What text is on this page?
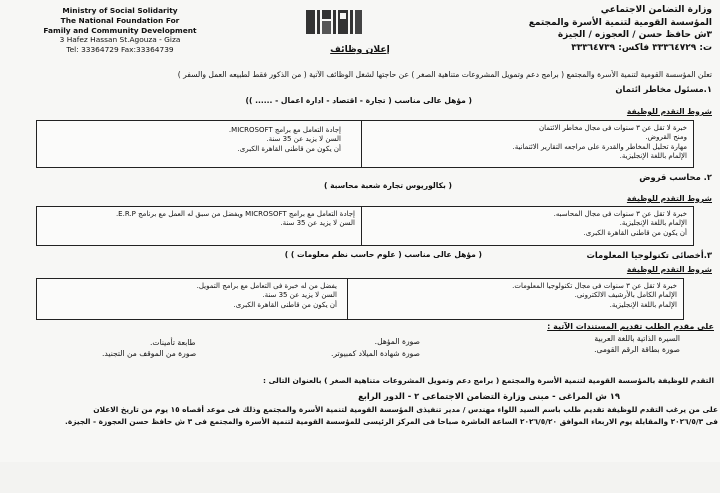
Ministry of Social Solidarity
The National Foundation For
Family and Community Development
3 Hafez Hassan St.Agouza - Giza
Tel: 33364729 Fax:33364739
وزارة التضامن الاجتماعي
المؤسسة القومية لتنمية الأسرة والمجتمع
٣ش حافظ حسن / العجوزه / الجيزة
ت: ٣٣٣٦٤٧٢٩ فاكس: ٣٣٣٦٤٧٣٩
إعلان وظائف
تعلن المؤسسة القومية لتنمية الأسرة والمجتمع ( برامج دعم وتمويل المشروعات متناهية الصغر ) عن حاجتها لشغل الوظائف الآتية ( من الذكور فقط لطبيعه العمل والسفر )
١.مسئول مخاطر ائتمان
( مؤهل عالى مناسب ( تجارة - اقتصاد - ادارة اعمال - ...... ))
شروط التقدم للوظيفة
خبرة لا تقل عن ٣ سنوات فى مجال مخاطر الائتمان
ومنح القروض.
مهارة تحليل المخاطر والقدرة على مراجعه التقارير الائتمانية.
الإلمام باللغة الإنجليزية.
إجادة التعامل مع برامج MICROSOFT.
السن لا يزيد عن 35 سنة.
أن يكون من قاطنى القاهرة الكبرى.
٢. محاسب قروض
( بكالوريوس تجارة شعبة محاسبة )
شروط التقدم للوظيفة
خبرة لا تقل عن ٣ سنوات فى مجال المحاسبه.
الإلمام باللغة الإنجليزية.
أن يكون من قاطنى القاهرة الكبرى.
إجادة التعامل مع برامج MICROSOFT ويفضل من سبق له العمل مع برنامج E.R.P.
السن لا يزيد عن 35 سنة.
٣.أخصائى تكنولوجيا المعلومات
( مؤهل عالى مناسب ( علوم حاسب نظم معلومات ) )
شروط التقدم للوظيفة
خبرة لا تقل عن ٣ سنوات فى مجال تكنولوجيا المعلومات.
الإلمام الكامل بالأرشيف الالكترونى.
الإلمام باللغة الإنجليزية.
يفضل من له خبرة فى التعامل مع برامج التمويل.
السن لا يزيد عن 35 سنة.
أن يكون من قاطنى القاهرة الكبرى.
على مقدم الطلب تقديم المستندات الآتية :
السيرة الذاتية باللغة العربية
صورة المؤهل.
طابعة تأمينات.
صورة بطاقة الرقم القومى.
صورة شهادة الميلاد كمبيوتر.
صورة من الموقف من التجنيد.
التقدم للوظيفة بالمؤسسة القومية لتنمية الأسرة والمجتمع ( برامج دعم وتمويل المشروعات متناهية الصغر ) بالعنوان التالى :
١٩ ش المراغى - مبنى وزارة التضامن الاجتماعى ٢ - الدور الرابع
على من يرغب التقدم للوظيفة تقديم طلب باسم السيد اللواء مهندس / مدير تنفيذى المؤسسة القومية لتنمية الأسرة والمجتمع وذلك فى موعد أقصاه ١٥ يوم من تاريخ الاعلان
فى ٢٠٢٦/٥/٣ والمقابلة يوم الاربعاء الموافق ٢٠٢٦/٥/٢٠ الساعة العاشرة صباحا فى المركز الرئيسى للمؤسسة القومية لتنمية الأسرة والمجتمع فى ٣ ش حافظ حسن العجوزة - الجيزة.
